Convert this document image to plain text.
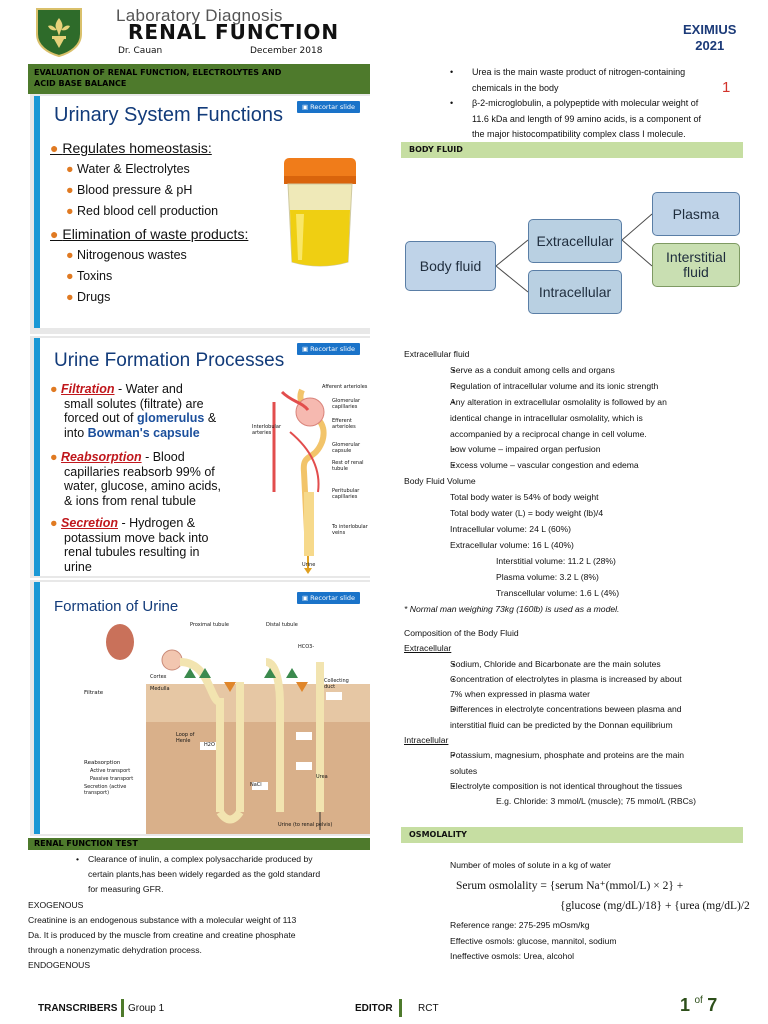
Laboratory Diagnosis
RENAL FUNCTION
Dr. Cauan	December 2018
EXIMIUS
2021
1
EVALUATION OF RENAL FUNCTION, ELECTROLYTES AND
ACID BASE BALANCE
▣ Recortar slide
Urinary System Functions
● Regulates homeostasis:
● Water & Electrolytes
● Blood pressure & pH
● Red blood cell production
● Elimination of waste products:
● Nitrogenous wastes
● Toxins
● Drugs
▣ Recortar slide
Urine Formation Processes
● Filtration - Water and
small solutes (filtrate) are
forced out of glomerulus &
into Bowman's capsule
● Reabsorption - Blood
capillaries reabsorb 99% of
water, glucose, amino acids,
& ions from renal tubule
● Secretion - Hydrogen &
potassium move back into
renal tubules resulting in
urine
Afferent arterioles
Glomerular capillaries
Efferent arterioles
Interlobular arteries
Glomerular capsule
Rest of renal tubule
Peritubular capillaries
To interlobular veins
Urine
▣ Recortar slide
Formation of Urine
Filtrate
Reabsorption
Active transport
Passive transport
Secretion (active transport)
Proximal tubule	Distal tubule
Cortex
Medulla
Loop of Henle
Collecting duct
NaCl
H2O
HCO3-
Urea
Urine (to renal pelvis)
RENAL FUNCTION TEST
• Clearance of inulin, a complex polysaccharide produced by
certain plants,has been widely regarded as the gold standard
for measuring GFR.
EXOGENOUS
Creatinine is an endogenous substance with a molecular weight of 113
Da. It is produced by the muscle from creatine and creatine phosphate
through a nonenzymatic dehydration process.
ENDOGENOUS
• Urea is the main waste product of nitrogen-containing
chemicals in the body
• β-2-microglobulin, a polypeptide with molecular weight of
11.6 kDa and length of 99 amino acids, is a component of
the major histocompatibility complex class I molecule.
BODY FLUID
Body fluid
Extracellular
Intracellular
Plasma
Interstitial
fluid
Extracellular fluid
• Serve as a conduit among cells and organs
• Regulation of intracellular volume and its ionic strength
• Any alteration in extracellular osmolality is followed by an
identical change in intracellular osmolality, which is
accompanied by a reciprocal change in cell volume.
• Low volume – impaired organ perfusion
• Excess volume – vascular congestion and edema
Body Fluid Volume
Total body water is 54% of body weight
Total body water (L) = body weight (lb)/4
Intracellular volume: 24 L (60%)
Extracellular volume: 16 L (40%)
Interstitial volume: 11.2 L (28%)
Plasma volume: 3.2 L (8%)
Transcellular volume: 1.6 L (4%)
* Normal man weighing 73kg (160lb) is used as a model.
Composition of the Body Fluid
Extracellular
• Sodium, Chloride and Bicarbonate are the main solutes
• Concentration of electrolytes in plasma is increased by about
7% when expressed in plasma water
• Differences in electrolyte concentrations beween plasma and
interstitial fluid can be predicted by the Donnan equilibrium
Intracellular
• Potassium, magnesium, phosphate and proteins are the main
solutes
• Electrolyte composition is not identical throughout the tissues
E.g. Chloride: 3 mmol/L (muscle); 75 mmol/L (RBCs)
OSMOLALITY
Number of moles of solute in a kg of water
Serum osmolality = {serum Na⁺(mmol/L) × 2} +
{glucose (mg/dL)/18} + {urea (mg/dL)/2
Reference range: 275-295 mOsm/kg
Effective osmols: glucose, mannitol, sodium
Ineffective osmols: Urea, alcohol
TRANSCRIBERS Group 1	EDITOR	RCT	1 $^{of}$ 7
